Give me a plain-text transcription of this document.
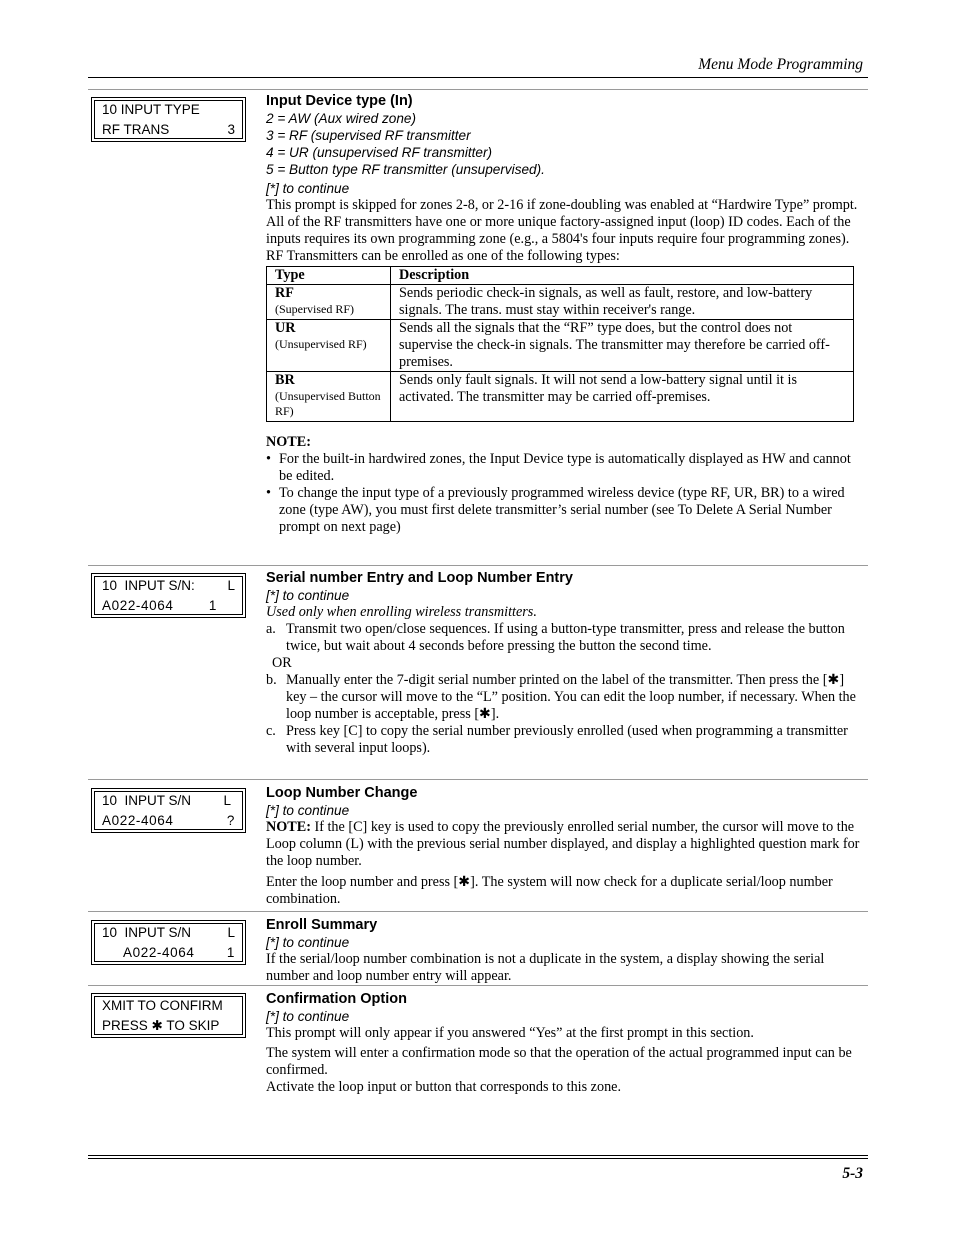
Menu Mode Programming
10 INPUT TYPE
RF TRANS	3
Input Device type (In)
2 = AW (Aux wired zone)
3 = RF (supervised RF transmitter
4 = UR (unsupervised RF transmitter)
5 = Button type RF transmitter (unsupervised).
[*] to continue

This prompt is skipped for zones 2-8, or 2-16 if zone-doubling was enabled at “Hardwire Type” prompt.

All of the RF transmitters have one or more unique factory-assigned input (loop) ID codes. Each of the inputs requires its own programming zone (e.g., a 5804's four inputs require four programming zones).

RF Transmitters can be enrolled as one of the following types:

Type	Description
RF
(Supervised RF)	Sends periodic check-in signals, as well as fault, restore, and low-battery signals. The trans. must stay within receiver's range.
UR
(Unsupervised RF)	Sends all the signals that the “RF” type does, but the control does not supervise the check-in signals. The transmitter may therefore be carried off-premises.
BR
(Unsupervised Button RF)	Sends only fault signals. It will not send a low-battery signal until it is activated. The transmitter may be carried off-premises.
NOTE:
• For the built-in hardwired zones, the Input Device type is automatically displayed as HW and cannot be edited.
• To change the input type of a previously programmed wireless device (type RF, UR, BR) to a wired zone (type AW), you must first delete transmitter’s serial number (see To Delete A Serial Number prompt on next page)
10  INPUT S/N: L
A022-4064	1
Serial number Entry and Loop Number Entry
[*] to continue

Used only when enrolling wireless transmitters.

a. Transmit two open/close sequences. If using a button-type transmitter, press and release the button twice, but wait about 4 seconds before pressing the button the second time.
OR
b. Manually enter the 7-digit serial number printed on the label of the transmitter. Then press the [✱] key – the cursor will move to the “L” position. You can edit the loop number, if necessary. When the loop number is acceptable, press [✱].
c. Press key [C] to copy the serial number previously enrolled (used when programming a transmitter with several input loops).
10  INPUT S/N L
A022-4064	?
Loop Number Change
[*] to continue

NOTE: If the [C] key is used to copy the previously enrolled serial number, the cursor will move to the Loop column (L) with the previous serial number displayed, and display a highlighted question mark for the loop number.

Enter the loop number and press [✱]. The system will now check for a duplicate serial/loop number combination.

10  INPUT S/N	L
A022-4064 1
Enroll Summary
[*] to continue

If the serial/loop number combination is not a duplicate in the system, a display showing the serial number and loop number entry will appear.

XMIT TO CONFIRM
PRESS ✱ TO SKIP
Confirmation Option
[*] to continue

This prompt will only appear if you answered “Yes” at the first prompt in this section.

The system will enter a confirmation mode so that the operation of the actual programmed input can be confirmed.

Activate the loop input or button that corresponds to this zone.

5-3
